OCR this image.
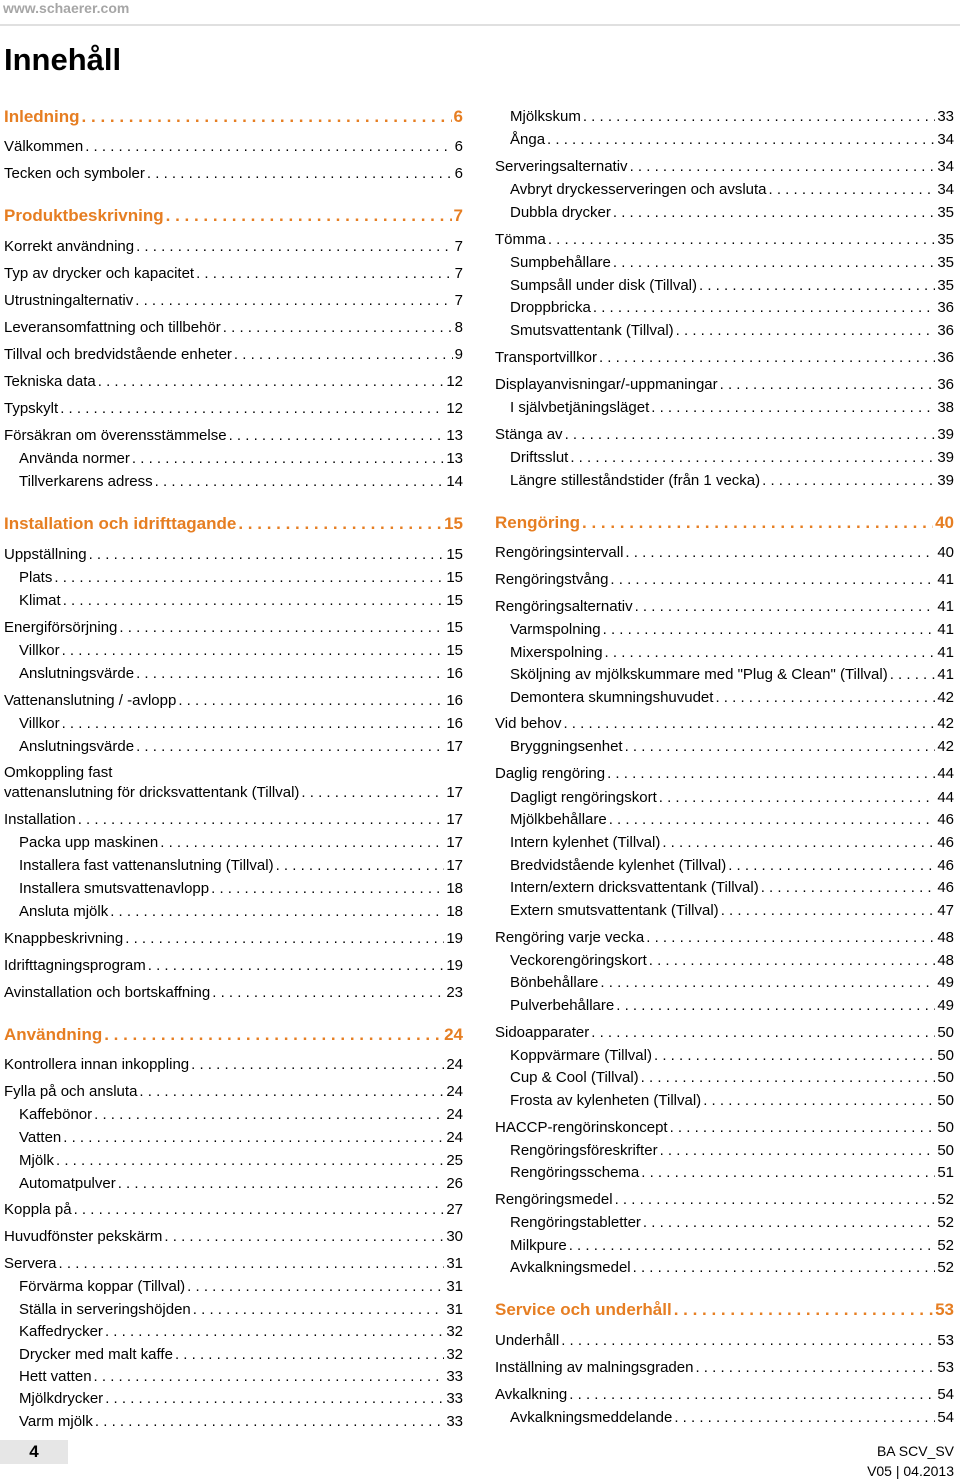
www.schaerer.com
Innehåll
Inledning . . .	6
Välkommen . . .	6
Tecken och symboler . . .	6
Produktbeskrivning . . .	7
Korrekt användning . . .	7
Typ av drycker och kapacitet . . .	7
Utrustningalternativ . . .	7
Leveransomfattning och tillbehör . . .	8
Tillval och bredvidstående enheter . . .	9
Tekniska data . . .	12
Typskylt . . .	12
Försäkran om överensstämmelse . . .	13
Använda normer . . .	13
Tillverkarens adress . . .	14
Installation och idrifttagande . . .	15
Uppställning . . .	15
Plats . . .	15
Klimat . . .	15
Energiförsörjning . . .	15
Villkor . . .	15
Anslutningsvärde . . .	16
Vattenanslutning / -avlopp . . .	16
Villkor . . .	16
Anslutningsvärde . . .	17
Omkoppling fast
vattenanslutning för dricksvattentank (Tillval) . . .	17
Installation . . .	17
Packa upp maskinen . . .	17
Installera fast vattenanslutning (Tillval) . . .	17
Installera smutsvattenavlopp . . .	18
Ansluta mjölk . . .	18
Knappbeskrivning . . .	19
Idrifttagningsprogram . . .	19
Avinstallation och bortskaffning . . .	23
Användning . . .	24
Kontrollera innan inkoppling . . .	24
Fylla på och ansluta . . .	24
Kaffebönor . . .	24
Vatten . . .	24
Mjölk . . .	25
Automatpulver . . .	26
Koppla på . . .	27
Huvudfönster pekskärm . . .	30
Servera . . .	31
Förvärma koppar (Tillval) . . .	31
Ställa in serveringshöjden . . .	31
Kaffedrycker . . .	32
Drycker med malt kaffe . . .	32
Hett vatten . . .	33
Mjölkdrycker . . .	33
Varm mjölk . . .	33
Mjölkskum . . .	33
Ånga . . .	34
Serveringsalternativ . . .	34
Avbryt dryckesserveringen och avsluta . . .	34
Dubbla drycker . . .	35
Tömma . . .	35
Sumpbehållare . . .	35
Sumpsåll under disk (Tillval) . . .	35
Droppbricka . . .	36
Smutsvattentank (Tillval) . . .	36
Transportvillkor . . .	36
Displayanvisningar/-uppmaningar . . .	36
I självbetjäningsläget . . .	38
Stänga av . . .	39
Driftsslut . . .	39
Längre stilleståndstider (från 1 vecka) . . .	39
Rengöring . . .	40
Rengöringsintervall . . .	40
Rengöringstvång . . .	41
Rengöringsalternativ . . .	41
Varmspolning . . .	41
Mixerspolning . . .	41
Sköljning av mjölkskummare med "Plug & Clean" (Tillval) . . .	41
Demontera skumningshuvudet . . .	42
Vid behov . . .	42
Bryggningsenhet . . .	42
Daglig rengöring . . .	44
Dagligt rengöringskort . . .	44
Mjölkbehållare . . .	46
Intern kylenhet (Tillval) . . .	46
Bredvidstående kylenhet (Tillval) . . .	46
Intern/extern dricksvattentank (Tillval) . . .	46
Extern smutsvattentank (Tillval) . . .	47
Rengöring varje vecka . . .	48
Veckorengöringskort . . .	48
Bönbehållare . . .	49
Pulverbehållare . . .	49
Sidoapparater . . .	50
Koppvärmare (Tillval) . . .	50
Cup & Cool (Tillval) . . .	50
Frosta av kylenheten (Tillval) . . .	50
HACCP-rengörinskoncept . . .	50
Rengöringsföreskrifter . . .	50
Rengöringsschema . . .	51
Rengöringsmedel . . .	52
Rengöringstabletter . . .	52
Milkpure . . .	52
Avkalkningsmedel . . .	52
Service och underhåll . . .	53
Underhåll . . .	53
Inställning av malningsgraden . . .	53
Avkalkning . . .	54
Avkalkningsmeddelande . . .	54
4	BA SCV_SV
V05 | 04.2013
